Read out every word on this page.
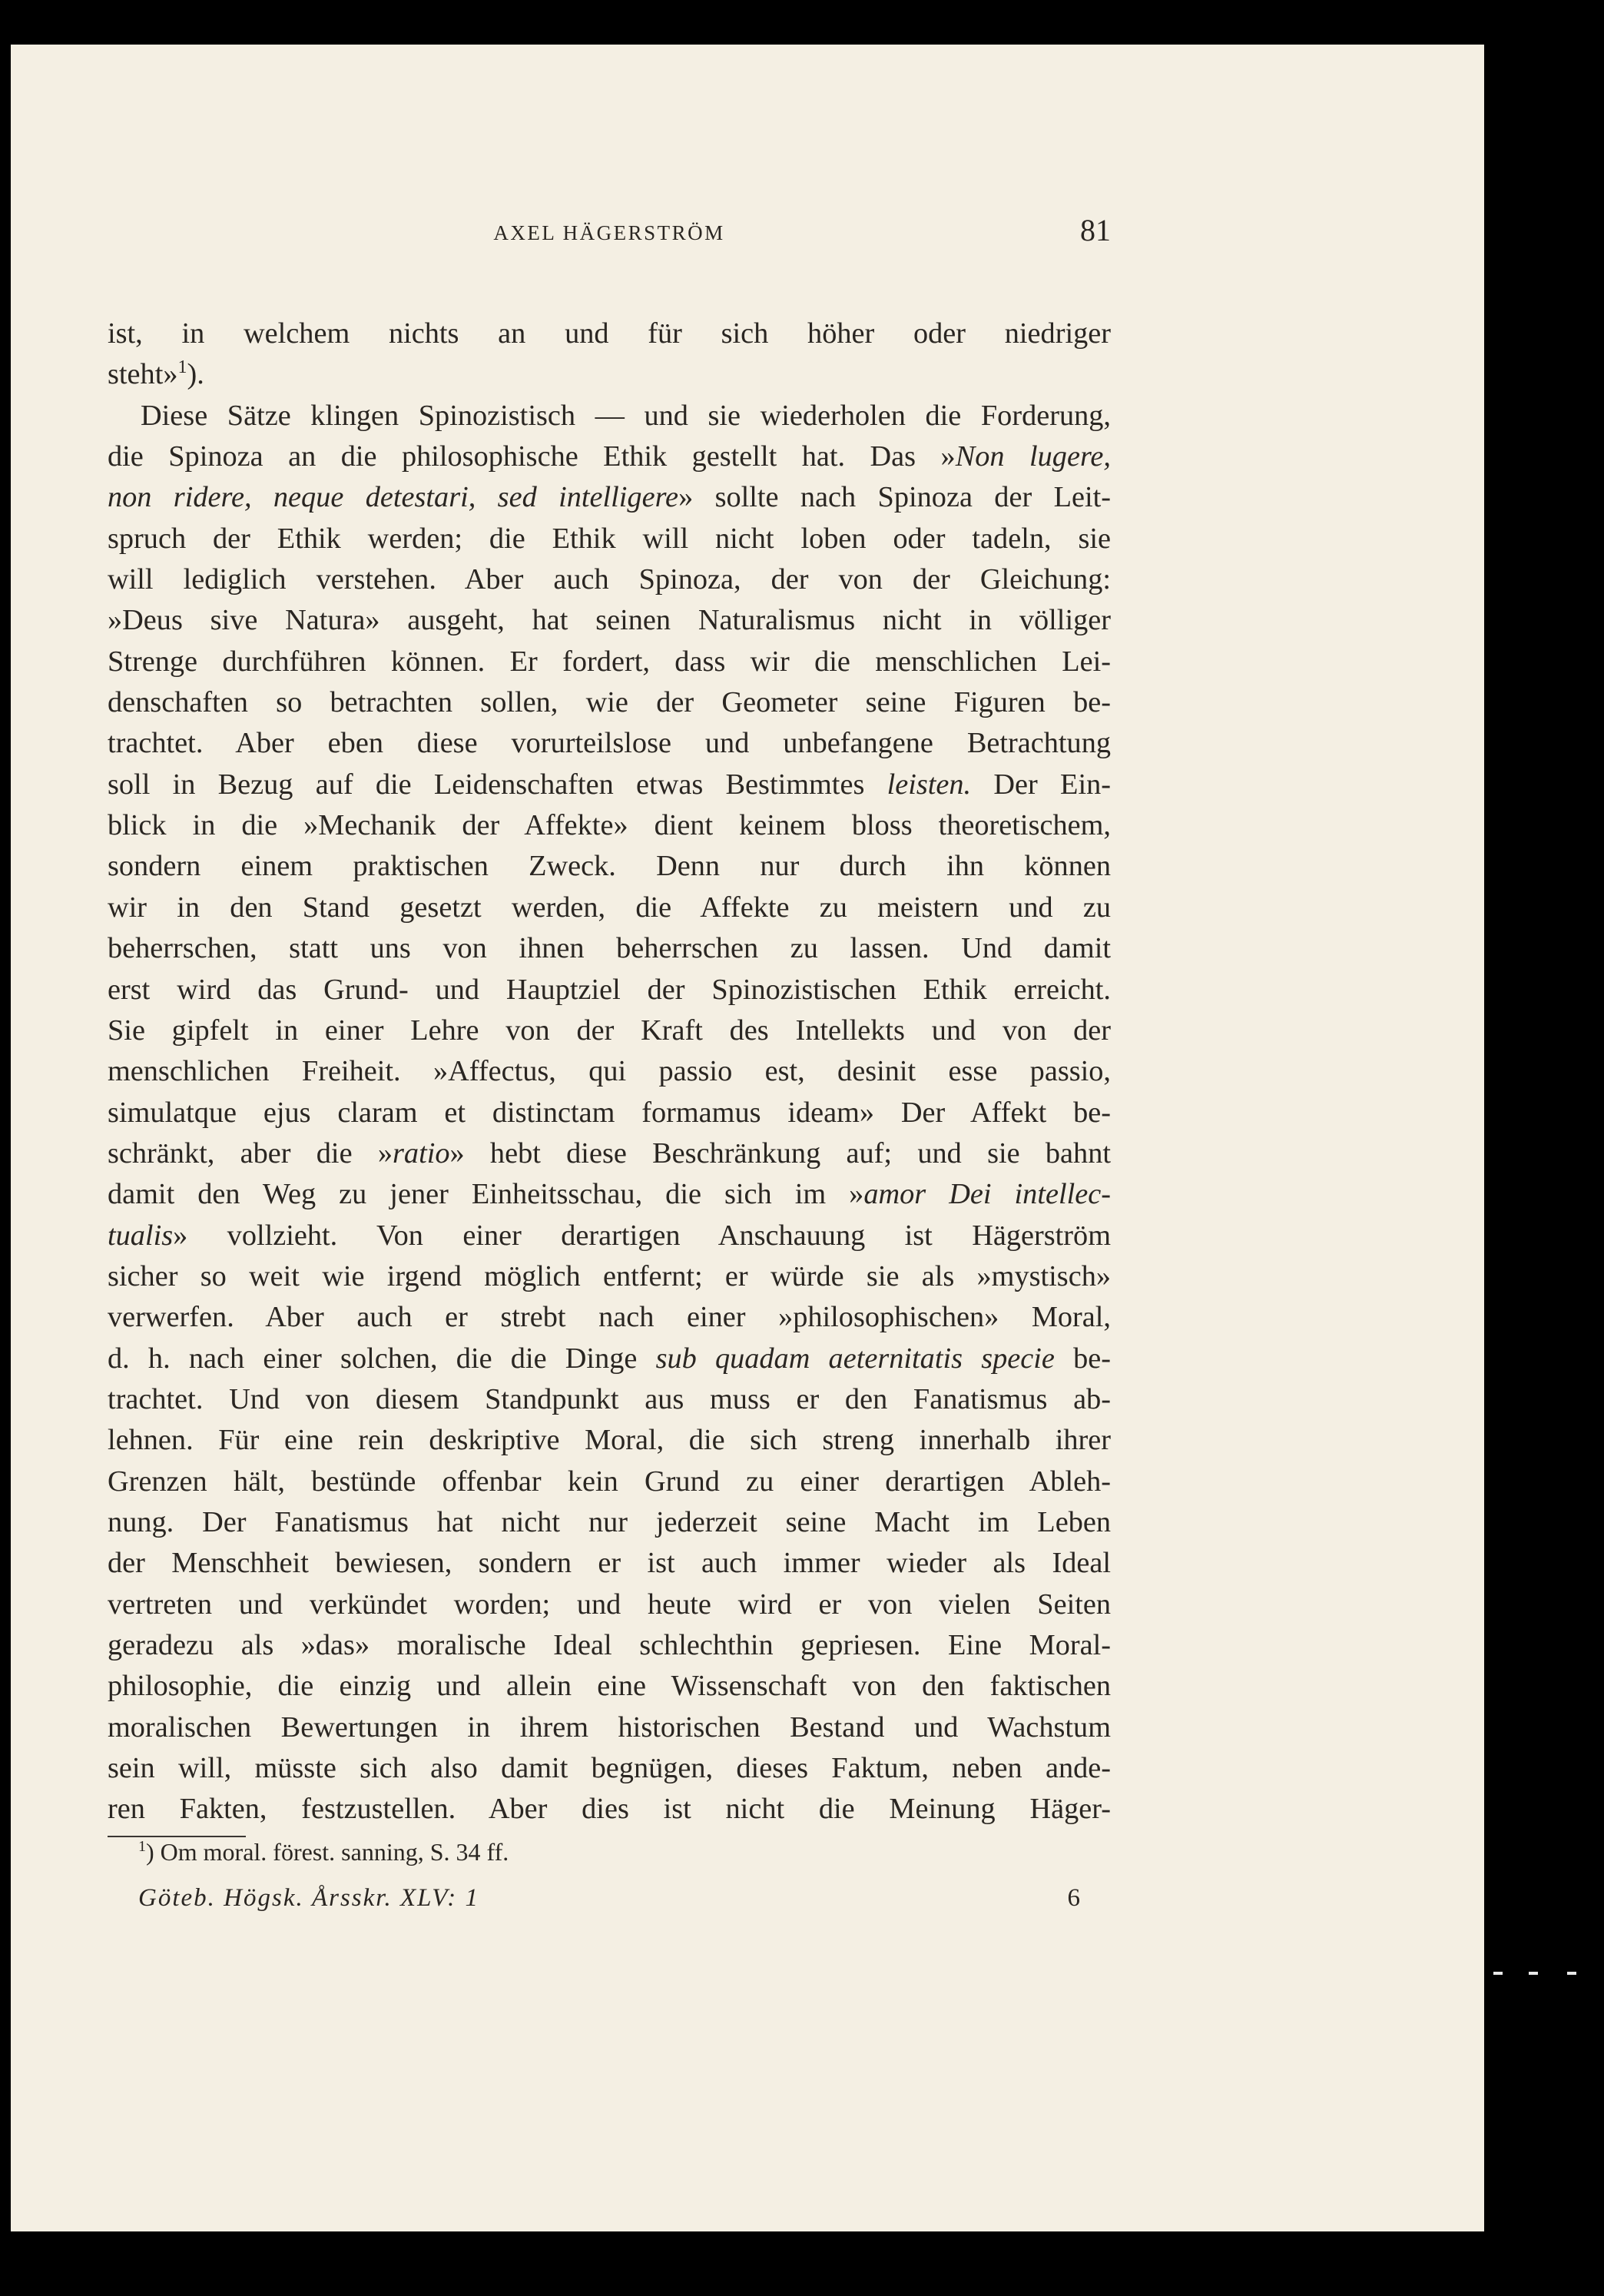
AXEL HÄGERSTRÖM	81
ist, in welchem nichts an und für sich höher oder niedriger
steht»$^1$).
Diese Sätze klingen Spinozistisch — und sie wiederholen die Forderung,
die Spinoza an die philosophische Ethik gestellt hat. Das »Non lugere,
non ridere, neque detestari, sed intelligere» sollte nach Spinoza der Leit-
spruch der Ethik werden; die Ethik will nicht loben oder tadeln, sie
will lediglich verstehen. Aber auch Spinoza, der von der Gleichung:
»Deus sive Natura» ausgeht, hat seinen Naturalismus nicht in völliger
Strenge durchführen können. Er fordert, dass wir die menschlichen Lei-
denschaften so betrachten sollen, wie der Geometer seine Figuren be-
trachtet. Aber eben diese vorurteilslose und unbefangene Betrachtung
soll in Bezug auf die Leidenschaften etwas Bestimmtes leisten. Der Ein-
blick in die »Mechanik der Affekte» dient keinem bloss theoretischem,
sondern einem praktischen Zweck. Denn nur durch ihn können
wir in den Stand gesetzt werden, die Affekte zu meistern und zu
beherrschen, statt uns von ihnen beherrschen zu lassen. Und damit
erst wird das Grund- und Hauptziel der Spinozistischen Ethik erreicht.
Sie gipfelt in einer Lehre von der Kraft des Intellekts und von der
menschlichen Freiheit. »Affectus, qui passio est, desinit esse passio,
simulatque ejus claram et distinctam formamus ideam» Der Affekt be-
schränkt, aber die »ratio» hebt diese Beschränkung auf; und sie bahnt
damit den Weg zu jener Einheitsschau, die sich im »amor Dei intellec-
tualis» vollzieht. Von einer derartigen Anschauung ist Hägerström
sicher so weit wie irgend möglich entfernt; er würde sie als »mystisch»
verwerfen. Aber auch er strebt nach einer »philosophischen» Moral,
d. h. nach einer solchen, die die Dinge sub quadam aeternitatis specie be-
trachtet. Und von diesem Standpunkt aus muss er den Fanatismus ab-
lehnen. Für eine rein deskriptive Moral, die sich streng innerhalb ihrer
Grenzen hält, bestünde offenbar kein Grund zu einer derartigen Ableh-
nung. Der Fanatismus hat nicht nur jederzeit seine Macht im Leben
der Menschheit bewiesen, sondern er ist auch immer wieder als Ideal
vertreten und verkündet worden; und heute wird er von vielen Seiten
geradezu als »das» moralische Ideal schlechthin gepriesen. Eine Moral-
philosophie, die einzig und allein eine Wissenschaft von den faktischen
moralischen Bewertungen in ihrem historischen Bestand und Wachstum
sein will, müsste sich also damit begnügen, dieses Faktum, neben ande-
ren Fakten, festzustellen. Aber dies ist nicht die Meinung Häger-
$^1$) Om moral. förest. sanning, S. 34 ff.
Göteb. Högsk. Årsskr. XLV: 1	6
